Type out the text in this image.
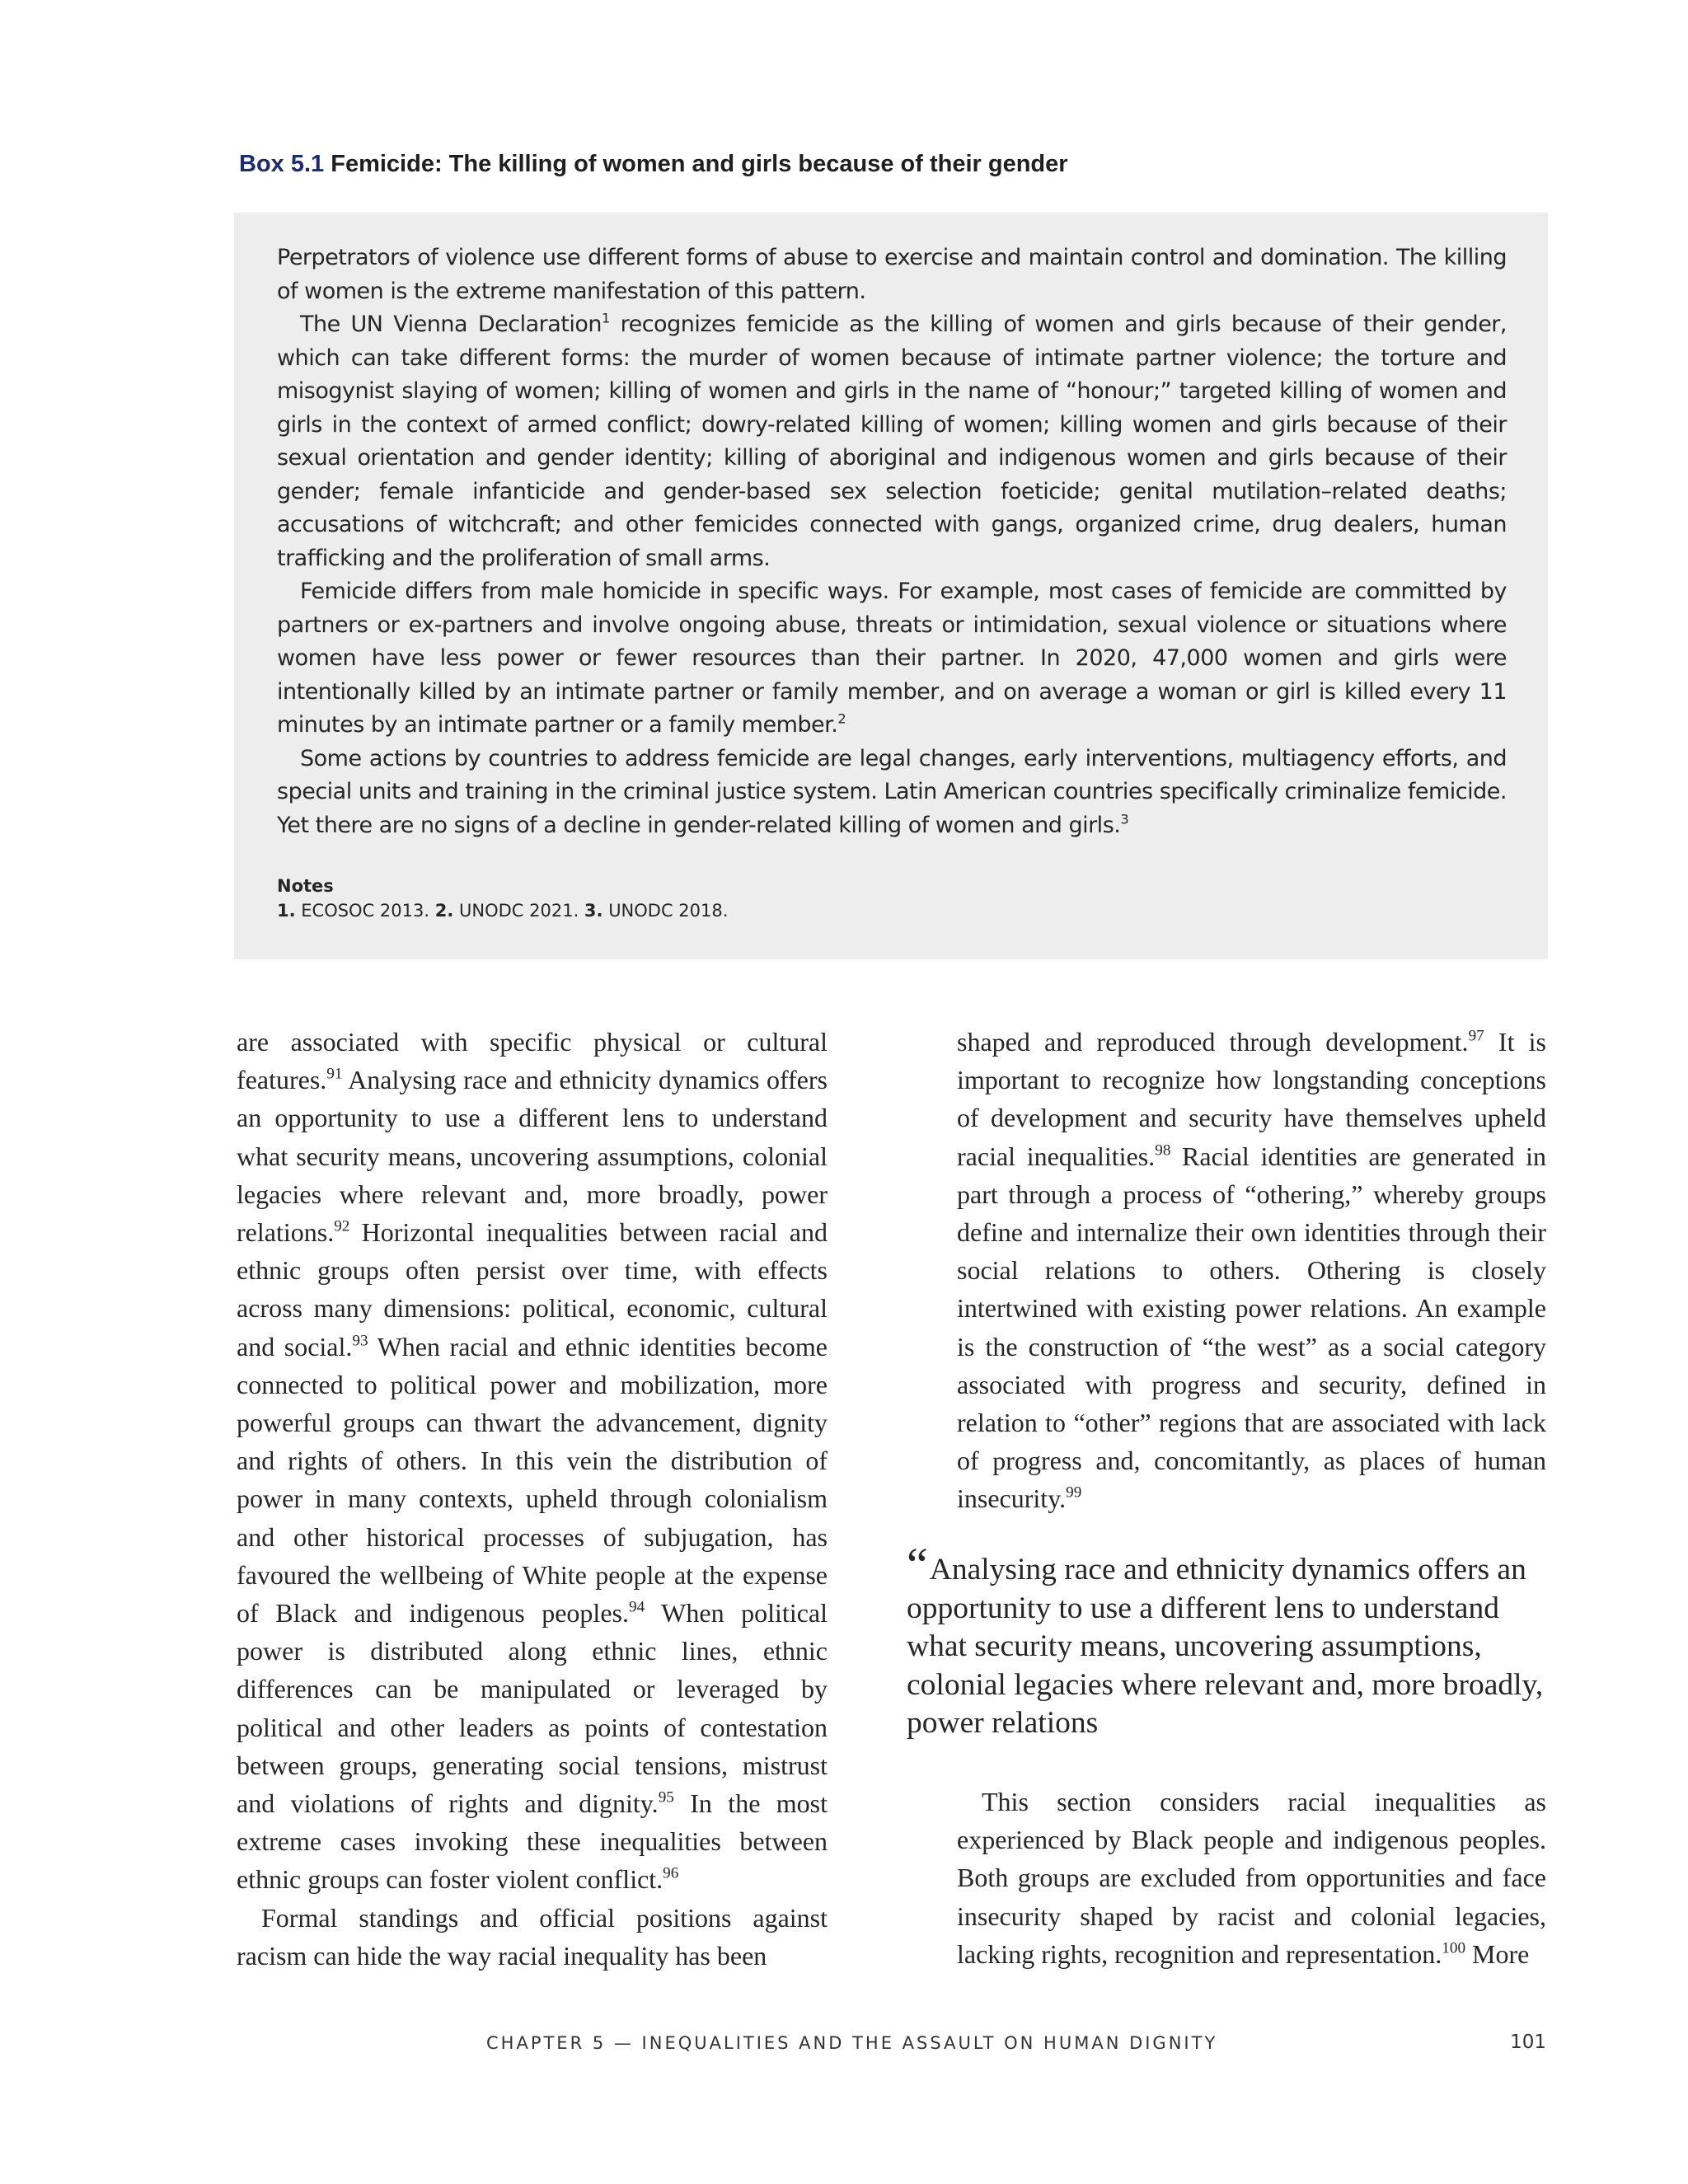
Box 5.1 Femicide: The killing of women and girls because of their gender

Perpetrators of violence use different forms of abuse to exercise and maintain control and domination. The killing of women is the extreme manifestation of this pattern.

The UN Vienna Declaration$^1$ recognizes femicide as the killing of women and girls because of their gender, which can take different forms: the murder of women because of intimate partner violence; the torture and misogynist slaying of women; killing of women and girls in the name of “honour;” targeted killing of women and girls in the context of armed conflict; dowry-related killing of women; killing women and girls because of their sexual orientation and gender identity; killing of aboriginal and indigenous women and girls because of their gender; female infanticide and gender-based sex selection foeticide; genital mutilation–related deaths; accusations of witchcraft; and other femicides connected with gangs, organized crime, drug dealers, human trafficking and the proliferation of small arms.

Femicide differs from male homicide in specific ways. For example, most cases of femicide are committed by partners or ex-partners and involve ongoing abuse, threats or intimidation, sexual violence or situations where women have less power or fewer resources than their partner. In 2020, 47,000 women and girls were intentionally killed by an intimate partner or family member, and on average a woman or girl is killed every 11 minutes by an intimate partner or a family member.$^2$

Some actions by countries to address femicide are legal changes, early interventions, multiagency efforts, and special units and training in the criminal justice system. Latin American countries specifically criminalize femicide. Yet there are no signs of a decline in gender-related killing of women and girls.$^3$

Notes
1. ECOSOC 2013. 2. UNODC 2021. 3. UNODC 2018.

are associated with specific physical or cultural features.$^{91}$ Analysing race and ethnicity dynamics offers an opportunity to use a different lens to understand what security means, uncovering assumptions, colonial legacies where relevant and, more broadly, power relations.$^{92}$ Horizontal inequalities between racial and ethnic groups often persist over time, with effects across many dimensions: political, economic, cultural and social.$^{93}$ When racial and ethnic identities become connected to political power and mobilization, more powerful groups can thwart the advancement, dignity and rights of others. In this vein the distribution of power in many contexts, upheld through colonialism and other historical processes of subjugation, has favoured the wellbeing of White people at the expense of Black and indigenous peoples.$^{94}$ When political power is distributed along ethnic lines, ethnic differences can be manipulated or leveraged by political and other leaders as points of contestation between groups, generating social tensions, mistrust and violations of rights and dignity.$^{95}$ In the most extreme cases invoking these inequalities between ethnic groups can foster violent conflict.$^{96}$

Formal standings and official positions against racism can hide the way racial inequality has been

shaped and reproduced through development.$^{97}$ It is important to recognize how longstanding conceptions of development and security have themselves upheld racial inequalities.$^{98}$ Racial identities are generated in part through a process of “othering,” whereby groups define and internalize their own identities through their social relations to others. Othering is closely intertwined with existing power relations. An example is the construction of “the west” as a social category associated with progress and security, defined in relation to “other” regions that are associated with lack of progress and, concomitantly, as places of human insecurity.$^{99}$

“Analysing race and ethnicity dynamics offers an opportunity to use a different lens to understand what security means, uncovering assumptions, colonial legacies where relevant and, more broadly, power relations

This section considers racial inequalities as experienced by Black people and indigenous peoples. Both groups are excluded from opportunities and face insecurity shaped by racist and colonial legacies, lacking rights, recognition and representation.$^{100}$ More

CHAPTER 5 — INEQUALITIES AND THE ASSAULT ON HUMAN DIGNITY	101
